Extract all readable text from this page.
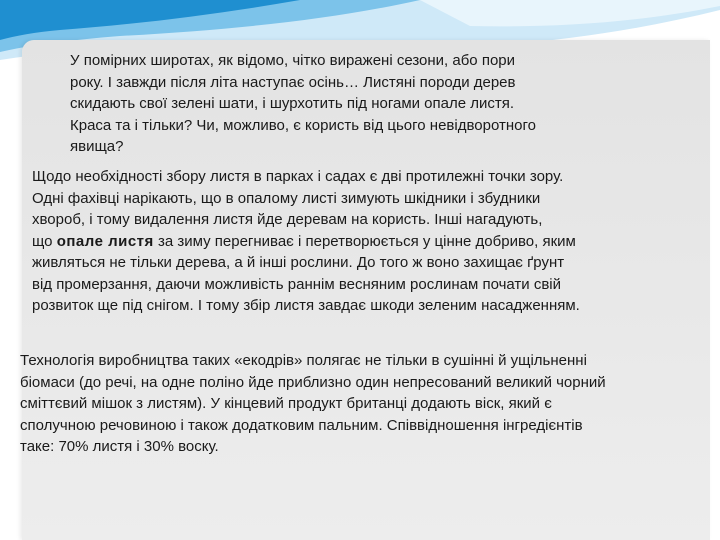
У помірних широтах, як відомо, чітко виражені сезони, або пори
року. І завжди після літа наступає осінь… Листяні породи дерев
скидають свої зелені шати, і шурхотить під ногами опале листя.
Краса та і тільки? Чи, можливо, є користь від цього невідворотного
явища?

Щодо необхідності збору листя в парках і садах є дві протилежні точки зору.
Одні фахівці нарікають, що в опалому листі зимують шкідники і збудники
хвороб, і тому видалення листя йде деревам на користь. Інші нагадують,
що опале листя за зиму перегниває і перетворюється у цінне добриво, яким
живляться не тільки дерева, а й інші рослини. До того ж воно захищає ґрунт
від промерзання, даючи можливість раннім весняним рослинам почати свій
розвиток ще під снігом. І тому збір листя завдає шкоди зеленим насадженням.

Технологія виробництва таких «екодрів» полягає не тільки в сушінні й ущільненні
біомаси (до речі, на одне поліно йде приблизно один непресований великий чорний
сміттєвий мішок з листям). У кінцевий продукт британці додають віск, який є
сполучною речовиною і також додатковим пальним. Співвідношення інгредієнтів
таке: 70% листя і 30% воску.
